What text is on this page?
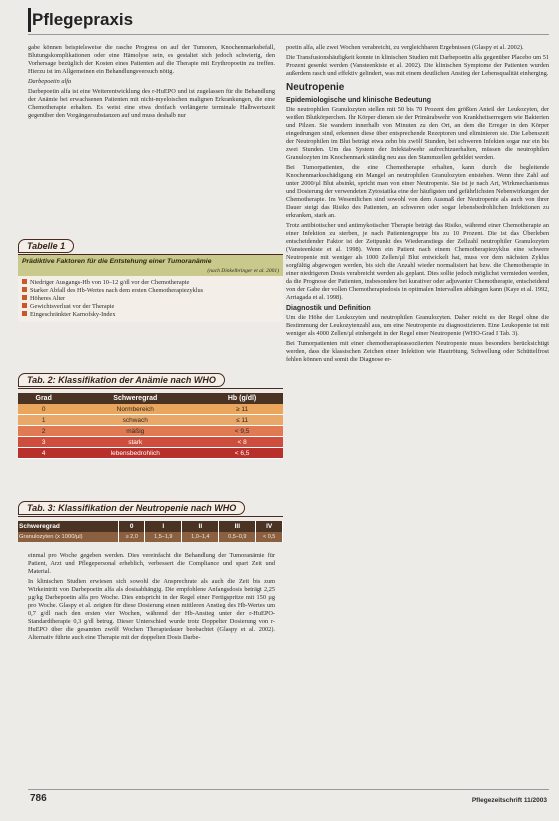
Pflegepraxis

gabe können beispielsweise die rasche Progress on auf der Tumoren, Knochenmarksbefall, Blutungskomplikationen oder eine Hämolyse sein, es gestaltet sich jedoch schwierig, den Vorhersage bezüglich der Kosten eines Patienten auf die Therapie mit Erythropoetin zu treffen. Hierzu ist im Allgemeinen ein Behandlungsversuch nötig.

Darbepoetin alfa

Darbepoetin alfa ist eine Weiterentwicklung des r-HuEPO und ist zugelassen für die Behandlung der Anämie bei erwachsenen Patienten mit nicht-myeloischen malignen Erkrankungen, die eine Chemotherapie erhalten. Es weist eine etwa dreifach verlängerte terminale Halbwertszeit gegenüber den Vorgängersubstanzen auf und muss deshalb nur

poetin alfa, alle zwei Wochen verabreicht, zu vergleichbaren Ergebnissen (Glaspy et al. 2002).

Die Transfusionshäufigkeit konnte in klinischen Studien mit Darbepoetin alfa gegenüber Placebo um 51 Prozent gesenkt werden (Vansteenkiste et al. 2002). Die klinischen Symptome der Patienten wurden außerdem rasch und effektiv gelindert, was mit einem deutlichen Anstieg der Lebensqualität einherging.

Neutropenie
Epidemiologische und klinische Bedeutung

Die neutrophilen Granulozyten stellen mit 50 bis 70 Prozent den größten Anteil der Leukozyten, der weißen Blutkörperchen. Ihr Körper dienen sie der Primärabwehr von Krankheitserregern wie Bakterien und Pilzen. Sie wandern innerhalb von Minuten zu den Ort, an dem die Erreger in den Körper eingedrungen sind, erkennen diese über entsprechende Rezeptoren und eliminieren sie. Die Lebenszeit der Neutrophilen im Blut beträgt etwa zehn bis zwölf Stunden, bei schweren Infekten sogar nur ein bis zwei Stunden. Um das System der Infektabwehr aufrechtzuerhalten, müssen die neutrophilen Granulozyten im Knochenmark ständig neu aus den Stammzellen gebildet werden.

Bei Tumorpatienten, die eine Chemotherapie erhalten, kann durch die begleitende Knochenmarksschädigung ein Mangel an neutrophilen Granulozyten entstehen. Wenn ihre Zahl auf unter 2000/µl Blut absinkt, spricht man von einer Neutropenie. Sie ist je nach Art, Wirkmechanismus und Dosierung der verwendeten Zytostatika eine der häufigsten und gefährlichsten Nebenwirkungen der Chemotherapie. Im Wesentlichen sind sowohl von dem Ausmaß der Neutropenie als auch von ihrer Dauer steigt das Risiko des Patienten, an schweren oder sogar lebensbedrohlichen Infektionen zu erkranken, stark an.

Trotz antibiotischer und antimykotischer Therapie beträgt das Risiko, während einer Chemotherapie an einer Infektion zu sterben, je nach Patientengruppe bis zu 10 Prozent. Die ist das Überleben entscheidender Faktor ist der Zeitpunkt des Wiederanstiegs der Zellzahl neutrophiler Granulozyten (Vansteenkiste et al. 1998). Wenn ein Patient nach einem Chemotherapiezyklus eine schwere Neutropenie mit weniger als 1000 Zellen/µl Blut entwickelt hat, muss vor dem nächsten Zyklus sorgfältig abgewogen werden, bis sich die Anzahl wieder normalisiert hat bzw. die Chemotherapie in einer niedrigeren Dosis verabreicht werden als geplant. Dies sollte jedoch möglichst vermieden werden, da die Prognose der Patienten, insbesondere bei kurativer oder adjuvanter Chemotherapie, entscheidend von der Gabe der vollen Chemotherapiedosis in optimalen Intervallen abhängen kann (Kaye et al. 1992, Arriagada et al. 1998).

Diagnostik und Definition

Um die Höhe der Leukozyten und neutrophilen Granulozyten. Daher reicht es der Regel ohne die Bestimmung der Leukozytenzahl aus, um eine Neutropenie zu diagnostizieren. Eine Leukopenie ist mit weniger als 4000 Zellen/µl einhergeht in der Regel einer Neutropenie (WHO-Grad I Tab. 3).

Bei Tumorpatienten mit einer chemotherapieassoziierten Neutropenie muss besonders berücksichtigt werden, dass die klassischen Zeichen einer Infektion wie Hautrötung, Schwellung oder Schüttelfrost fehlen können und somit die Diagnose er-

Tabelle 1
Prädiktive Faktoren für die Entstehung einer Tumoranämie
(nach Dinkelbringer et al. 2001)
Niedriger Ausgangs-Hb von 10–12 g/dl vor der Chemotherapie
Starker Abfall des Hb-Wertes nach dem ersten Chemotherapiezyklus
Höheres Alter
Gewichtsverlust vor der Therapie
Eingeschränkter Karnofsky-Index
Tab. 2: Klassifikation der Anämie nach WHO
Grad	Schweregrad	Hb (g/dl)
0	Normbereich	≥ 11
1	schwach	≤ 11
2	mäßig	< 9,5
3	stark	< 8
4	lebensbedrohlich	< 6,5
Tab. 3: Klassifikation der Neutropenie nach WHO
Schweregrad	0	I	II	III	IV
Granulozyten (x 1000/µl)	≥ 2,0	1,5–1,9	1,0–1,4	0,5–0,9	< 0,5

einmal pro Woche gegeben werden. Dies vereinfacht die Behandlung der Tumoranämie für Patient, Arzt und Pflegepersonal erheblich, verbessert die Compliance und spart Zeit und Material.

In klinischen Studien erwiesen sich sowohl die Ansprechrate als auch die Zeit bis zum Wirkeintritt von Darbepoetin alfa als dosisabhängig. Die empfohlene Anfangsdosis beträgt 2,25 µg/kg Darbepoetin alfa pro Woche. Dies entspricht in der Regel einer Fertigspritze mit 150 µg pro Woche. Glaspy et al. zeigten für diese Dosierung einen mittleren Anstieg des Hb-Wertes um 0,7 g/dl nach den ersten vier Wochen, während der Hb-Anstieg unter der r-HuEPO-Standardtherapie 0,3 g/dl betrug. Dieser Unterschied wurde trotz Doppelter Dosierung von r-HuEPO über die gesamten zwölf Wochen Therapiedauer beobachtet (Glaspy et al. 2002). Alternativ führte auch eine Therapie mit der doppelten Dosis Darbe-

786	Pflegezeitschrift 11/2003
